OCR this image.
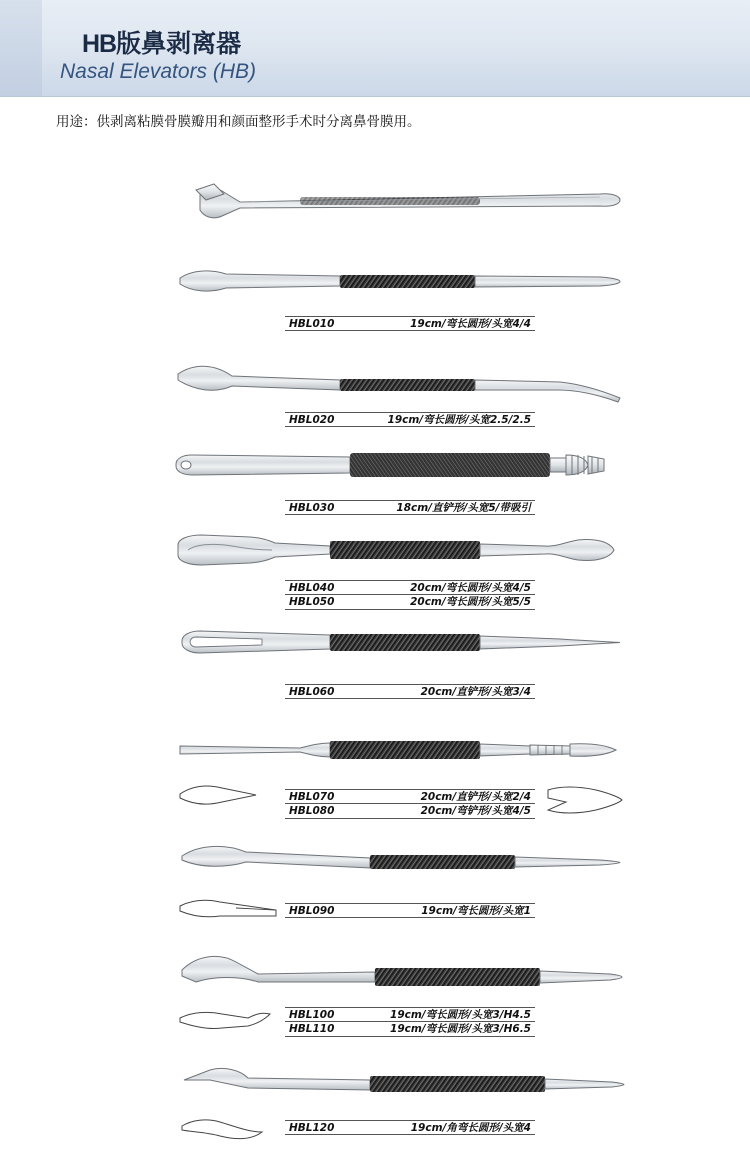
HB版鼻剥离器
Nasal Elevators (HB)
用途：供剥离粘膜骨膜瓣用和颜面整形手术时分离鼻骨膜用。
HBL010	19cm/弯长圆形/头宽4/4
HBL020	19cm/弯长圆形/头宽2.5/2.5
HBL030	18cm/直铲形/头宽5/带吸引
HBL040	20cm/弯长圆形/头宽4/5
HBL050	20cm/弯长圆形/头宽5/5
HBL060	20cm/直铲形/头宽3/4
HBL070	20cm/直铲形/头宽2/4
HBL080	20cm/弯铲形/头宽4/5
HBL090	19cm/弯长圆形/头宽1
HBL100	19cm/弯长圆形/头宽3/H4.5
HBL110	19cm/弯长圆形/头宽3/H6.5
HBL120	19cm/角弯长圆形/头宽4
